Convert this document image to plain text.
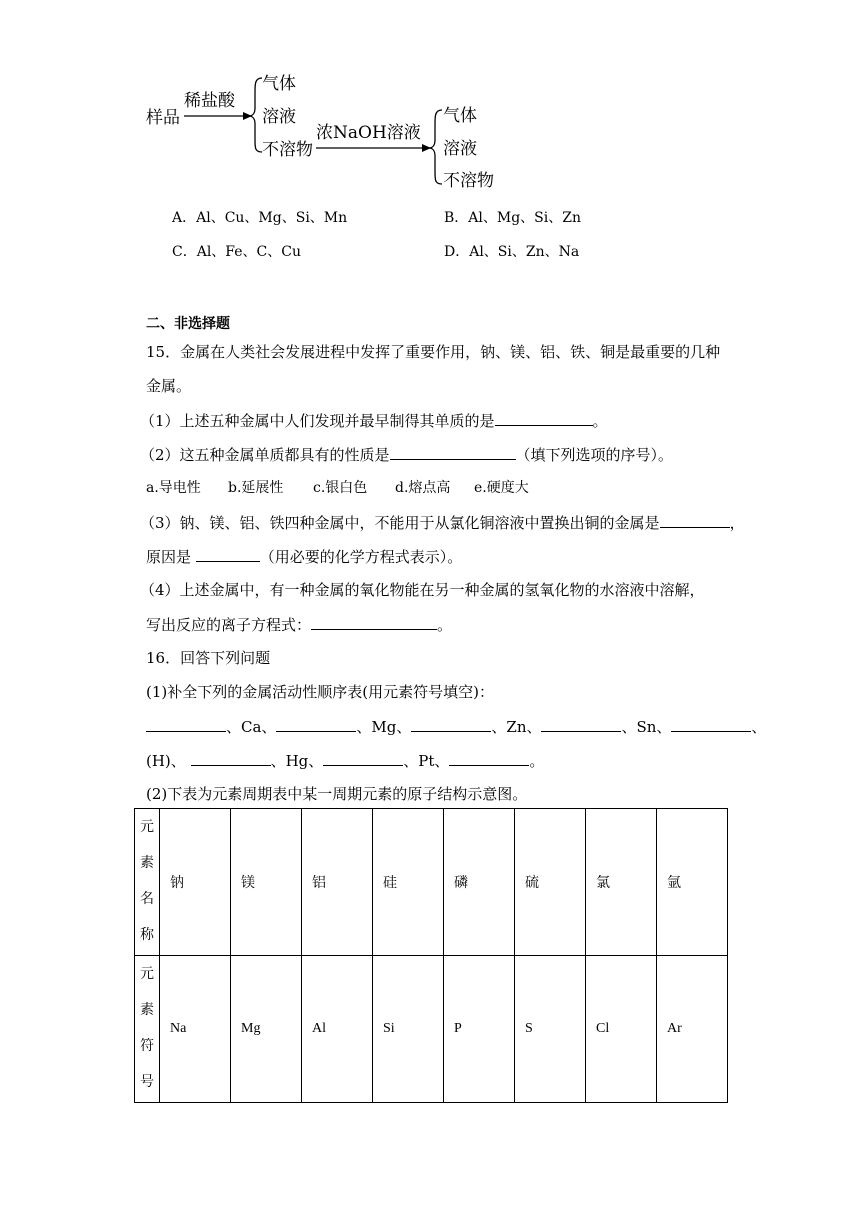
样品
稀盐酸
气体
溶液
不溶物
浓NaOH溶液
气体
溶液
不溶物
A．Al、Cu、Mg、Si、Mn	B．Al、Mg、Si、Zn
C．Al、Fe、C、Cu	D．Al、Si、Zn、Na
二、非选择题
15．金属在人类社会发展进程中发挥了重要作用，钠、镁、铝、铁、铜是最重要的几种
金属。
（1）上述五种金属中人们发现并最早制得其单质的是	。
（2）这五种金属单质都具有的性质是	（填下列选项的序号）。
a.导电性 b.延展性 c.银白色 d.熔点高 e.硬度大
（3）钠、镁、铝、铁四种金属中，不能用于从氯化铜溶液中置换出铜的金属是	，
原因是	（用必要的化学方程式表示）。
（4）上述金属中，有一种金属的氧化物能在另一种金属的氢氧化物的水溶液中溶解，
写出反应的离子方程式：	。
16．回答下列问题
(1)补全下列的金属活动性顺序表(用元素符号填空)：
、Ca、	、Mg、	、Zn、	、Sn、	、
(H)、	、Hg、	、Pt、	。
(2)下表为元素周期表中某一周期元素的原子结构示意图。
元
素
名
称	钠	镁	铝	硅	磷	硫	氯	氩

元
素
符
号	Na	Mg	Al	Si	P	S	Cl	Ar
